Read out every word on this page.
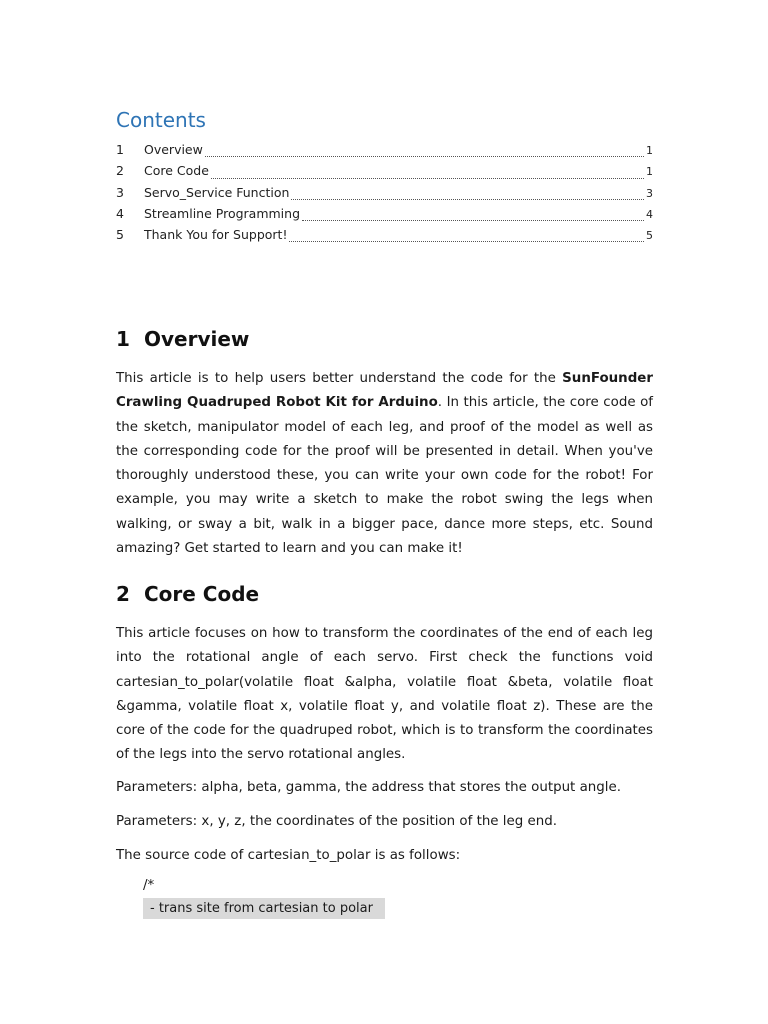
Contents
1	Overview	1
2	Core Code	1
3	Servo_Service Function	3
4	Streamline Programming	4
5	Thank You for Support!	5
1 Overview

This article is to help users better understand the code for the SunFounder Crawling Quadruped Robot Kit for Arduino. In this article, the core code of the sketch, manipulator model of each leg, and proof of the model as well as the corresponding code for the proof will be presented in detail. When you've thoroughly understood these, you can write your own code for the robot! For example, you may write a sketch to make the robot swing the legs when walking, or sway a bit, walk in a bigger pace, dance more steps, etc. Sound amazing? Get started to learn and you can make it!

2 Core Code

This article focuses on how to transform the coordinates of the end of each leg into the rotational angle of each servo. First check the functions void cartesian_to_polar(volatile float &alpha, volatile float &beta, volatile float &gamma, volatile float x, volatile float y, and volatile float z). These are the core of the code for the quadruped robot, which is to transform the coordinates of the legs into the servo rotational angles.

Parameters: alpha, beta, gamma, the address that stores the output angle.

Parameters: x, y, z, the coordinates of the position of the leg end.

The source code of cartesian_to_polar is as follows:

/*

- trans site from cartesian to polar
